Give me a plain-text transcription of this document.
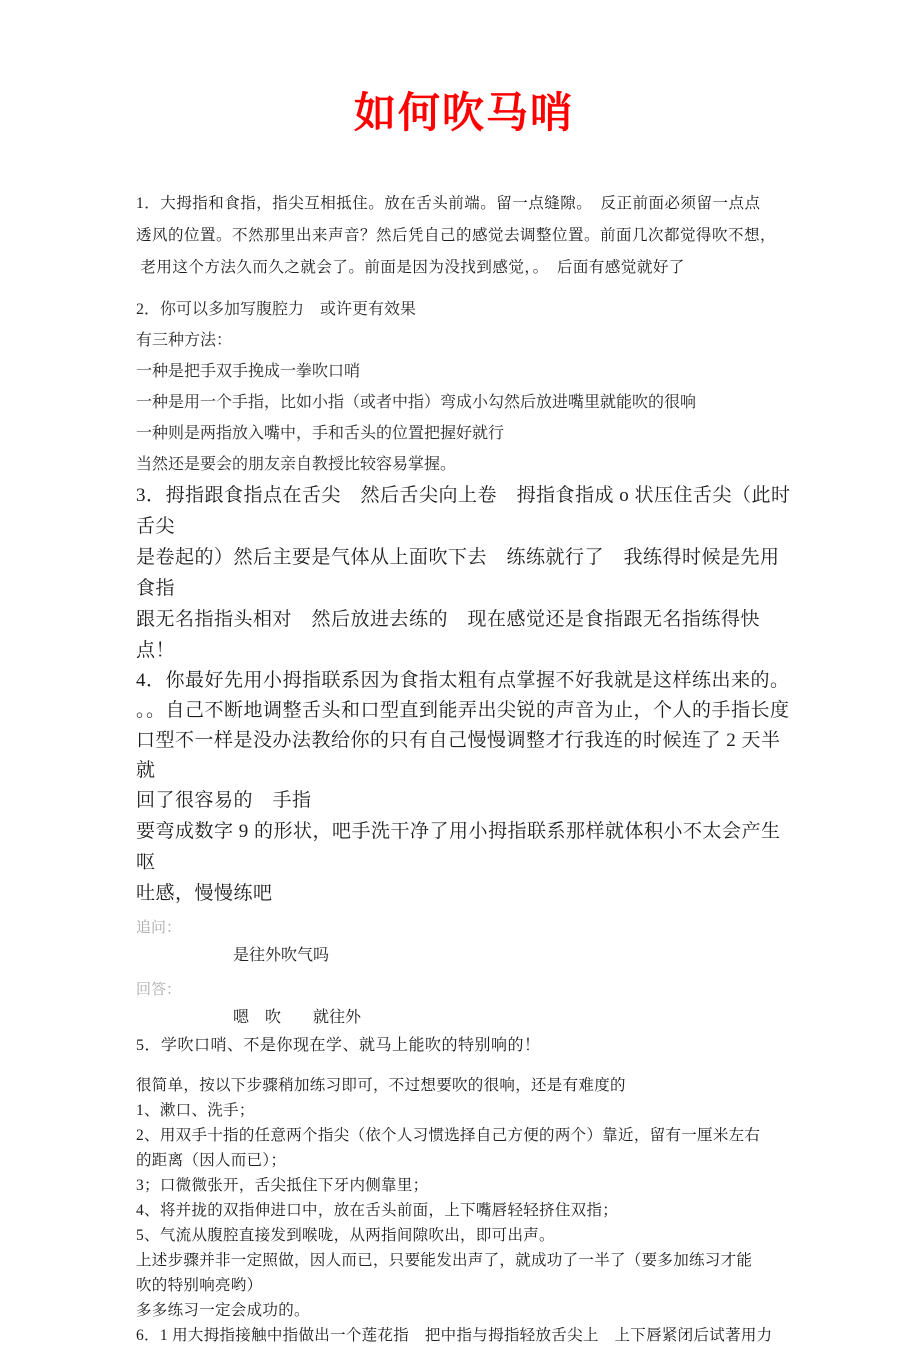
如何吹马哨
1．大拇指和食指，指尖互相抵住。放在舌头前端。留一点缝隙。　反正前面必须留一点点
透风的位置。不然那里出来声音？然后凭自己的感觉去调整位置。前面几次都觉得吹不想，
老用这个方法久而久之就会了。前面是因为没找到感觉，。　后面有感觉就好了
2．你可以多加写腹腔力　或许更有效果
有三种方法：
一种是把手双手挽成一拳吹口哨
一种是用一个手指，比如小指（或者中指）弯成小勾然后放进嘴里就能吹的很响
一种则是两指放入嘴中，手和舌头的位置把握好就行
当然还是要会的朋友亲自教授比较容易掌握。
3．拇指跟食指点在舌尖　然后舌尖向上卷　拇指食指成 o 状压住舌尖（此时舌尖
是卷起的）然后主要是气体从上面吹下去　练练就行了　我练得时候是先用食指
跟无名指指头相对　然后放进去练的　现在感觉还是食指跟无名指练得快点！
4．你最好先用小拇指联系因为食指太粗有点掌握不好我就是这样练出来的。
。。自己不断地调整舌头和口型直到能弄出尖锐的声音为止，个人的手指长度
口型不一样是没办法教给你的只有自己慢慢调整才行我连的时候连了 2 天半就
回了很容易的　手指
要弯成数字 9 的形状，吧手洗干净了用小拇指联系那样就体积小不太会产生呕
吐感，慢慢练吧
追问：
是往外吹气吗
回答：
嗯　吹　　就往外
5．学吹口哨、不是你现在学、就马上能吹的特别响的！
很简单，按以下步骤稍加练习即可，不过想要吹的很响，还是有难度的
1、漱口、洗手；
2、用双手十指的任意两个指尖（依个人习惯选择自己方便的两个）靠近，留有一厘米左右
的距离（因人而已）；
3；口微微张开，舌尖抵住下牙内侧靠里；
4、将并拢的双指伸进口中，放在舌头前面，上下嘴唇轻轻挤住双指；
5、气流从腹腔直接发到喉咙，从两指间隙吹出，即可出声。
上述步骤并非一定照做，因人而已，只要能发出声了，就成功了一半了（要多加练习才能
吹的特别响亮哟）
多多练习一定会成功的。
6．1 用大拇指接触中指做出一个莲花指　把中指与拇指轻放舌尖上　上下唇紧闭后试著用力
